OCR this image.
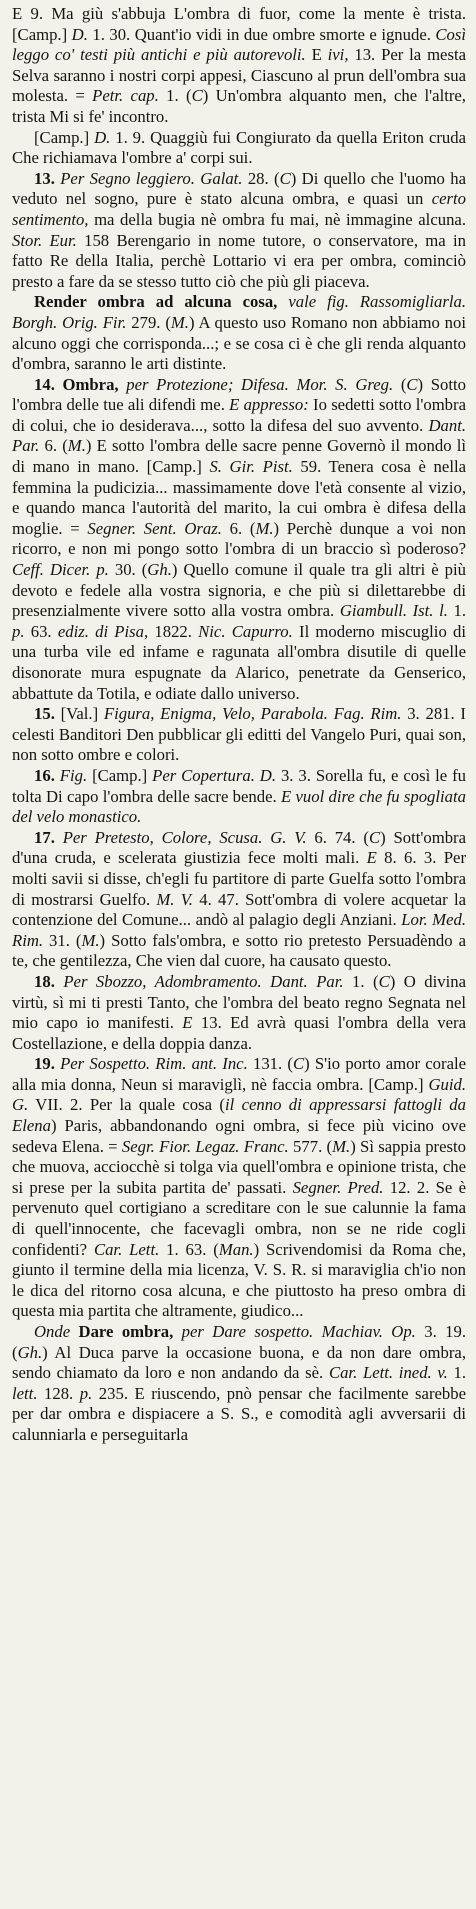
E 9. Ma giù s'abbuja L'ombra di fuor, come la mente è trista. [Camp.] D. 1. 30. Quant'io vidi in due ombre smorte e ignude. Così leggo co' testi più antichi e più autorevoli. E ivi, 13. Per la mesta Selva saranno i nostri corpi appesi, Ciascuno al prun dell'ombra sua molesta. = Petr. cap. 1. (C) Un'ombra alquanto men, che l'altre, trista Mi si fe' incontro.

[Camp.] D. 1. 9. Quaggiù fui Congiurato da quella Eriton cruda Che richiamava l'ombre a' corpi sui.

13. Per Segno leggiero. Galat. 28. (C) Di quello che l'uomo ha veduto nel sogno, pure è stato alcuna ombra, e quasi un certo sentimento, ma della bugia nè ombra fu mai, nè immagine alcuna. Stor. Eur. 158 Berengario in nome tutore, o conservatore, ma in fatto Re della Italia, perchè Lottario vi era per ombra, cominciò presto a fare da se stesso tutto ciò che più gli piaceva.

Render ombra ad alcuna cosa, vale fig. Rassomigliarla. Borgh. Orig. Fir. 279. (M.) A questo uso Romano non abbiamo noi alcuno oggi che corrisponda...; e se cosa ci è che gli renda alquanto d'ombra, saranno le arti distinte.

14. Ombra, per Protezione; Difesa. Mor. S. Greg. (C) Sotto l'ombra delle tue ali difendi me. E appresso: Io sedetti sotto l'ombra di colui, che io desiderava..., sotto la difesa del suo avvento. Dant. Par. 6. (M.) E sotto l'ombra delle sacre penne Governò il mondo lì di mano in mano. [Camp.] S. Gir. Pist. 59. Tenera cosa è nella femmina la pudicizia... massimamente dove l'età consente al vizio, e quando manca l'autorità del marito, la cui ombra è difesa della moglie. = Segner. Sent. Oraz. 6. (M.) Perchè dunque a voi non ricorro, e non mi pongo sotto l'ombra di un braccio sì poderoso? Ceff. Dicer. p. 30. (Gh.) Quello comune il quale tra gli altri è più devoto e fedele alla vostra signoria, e che più si dilettarebbe di presenzialmente vivere sotto alla vostra ombra. Giambull. Ist. l. 1. p. 63. ediz. di Pisa, 1822. Nic. Capurro. Il moderno miscuglio di una turba vile ed infame e ragunata all'ombra disutile di quelle disonorate mura espugnate da Alarico, penetrate da Genserico, abbattute da Totila, e odiate dallo universo.

15. [Val.] Figura, Enigma, Velo, Parabola. Fag. Rim. 3. 281. I celesti Banditori Den pubblicar gli editti del Vangelo Puri, quai son, non sotto ombre e colori.

16. Fig. [Camp.] Per Copertura. D. 3. 3. Sorella fu, e così le fu tolta Di capo l'ombra delle sacre bende. E vuol dire che fu spogliata del velo monastico.

17. Per Pretesto, Colore, Scusa. G. V. 6. 74. (C) Sott'ombra d'una cruda, e scelerata giustizia fece molti mali. E 8. 6. 3. Per molti savii si disse, ch'egli fu partitore di parte Guelfa sotto l'ombra di mostrarsi Guelfo. M. V. 4. 47. Sott'ombra di volere acquetar la contenzione del Comune... andò al palagio degli Anziani. Lor. Med. Rim. 31. (M.) Sotto fals'ombra, e sotto rio pretesto Persuadèndo a te, che gentilezza, Che vien dal cuore, ha causato questo.

18. Per Sbozzo, Adombramento. Dant. Par. 1. (C) O divina virtù, sì mi ti presti Tanto, che l'ombra del beato regno Segnata nel mio capo io manifesti. E 13. Ed avrà quasi l'ombra della vera Costellazione, e della doppia danza.

19. Per Sospetto. Rim. ant. Inc. 131. (C) S'io porto amor corale alla mia donna, Neun si maraviglì, nè faccia ombra. [Camp.] Guid. G. VII. 2. Per la quale cosa (il cenno di appressarsi fattogli da Elena) Paris, abbandonando ogni ombra, si fece più vicino ove sedeva Elena. = Segr. Fior. Legaz. Franc. 577. (M.) Sì sappia presto che muova, acciocchè si tolga via quell'ombra e opinione trista, che si prese per la subita partita de' passati. Segner. Pred. 12. 2. Se è pervenuto quel cortigiano a screditare con le sue calunnie la fama di quell'innocente, che facevagli ombra, non se ne ride cogli confidenti? Car. Lett. 1. 63. (Man.) Scrivendomisi da Roma che, giunto il termine della mia licenza, V. S. R. si maraviglia ch'io non le dica del ritorno cosa alcuna, e che piuttosto ha preso ombra di questa mia partita che altramente, giudico...

Onde Dare ombra, per Dare sospetto. Machiav. Op. 3. 19. (Gh.) Al Duca parve la occasione buona, e da non dare ombra, sendo chiamato da loro e non andando da sè. Car. Lett. ined. v. 1. lett. 128. p. 235. E riuscendo, pnò pensar che facilmente sarebbe per dar ombra e dispiacere a S. S., e comodità agli avversarii di calunniarla e perseguitarla
